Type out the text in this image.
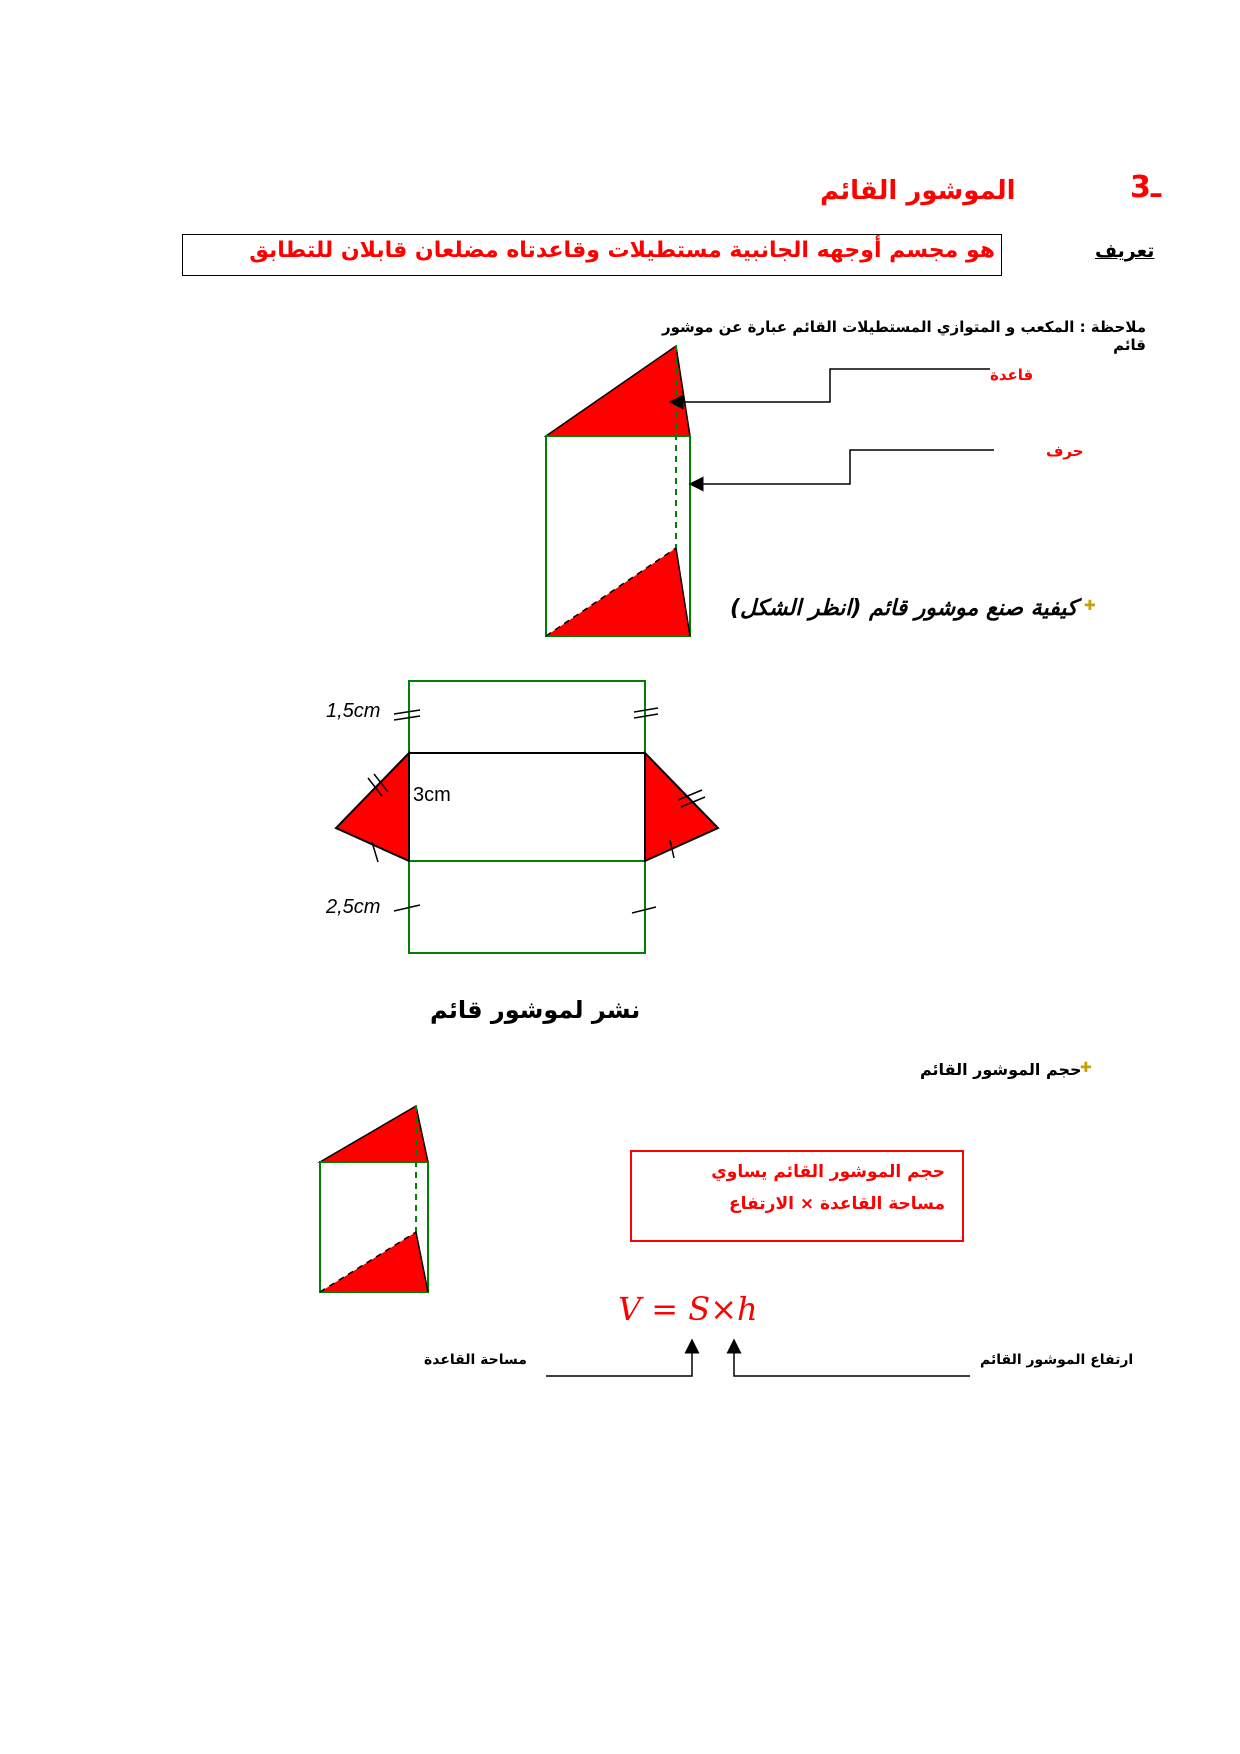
3ـ
الموشور القائم
تعريف
هو مجسم أوجهه الجانبية مستطيلات وقاعدتاه مضلعان قابلان للتطابق
ملاحظة : المكعب و المتوازي المستطيلات القائم عبارة عن موشور قائم
قاعدة
حرف
✚
كيفية صنع موشور قائم (انظر الشكل)
1,5cm
3cm
2,5cm
نشر لموشور قائم
✚
حجم الموشور القائم
حجم الموشور القائم يساوي
مساحة القاعدة × الارتفاع
V = S×h
مساحة القاعدة	ارتفاع الموشور القائم
